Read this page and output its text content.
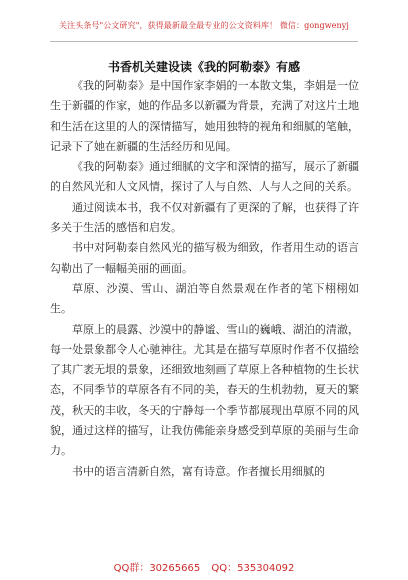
关注头条号"公文研究"，获得最新最全最专业的公文资料库！ 微信：gongwenyj
书香机关建设读《我的阿勒泰》有感

《我的阿勒泰》是中国作家李娟的一本散文集，李娟是一位生于新疆的作家，她的作品多以新疆为背景，充满了对这片土地和生活在这里的人的深情描写，她用独特的视角和细腻的笔触，记录下了她在新疆的生活经历和见闻。

《我的阿勒泰》通过细腻的文字和深情的描写，展示了新疆的自然风光和人文风情，探讨了人与自然、人与人之间的关系。

通过阅读本书，我不仅对新疆有了更深的了解，也获得了许多关于生活的感悟和启发。

书中对阿勒泰自然风光的描写极为细致，作者用生动的语言勾勒出了一幅幅美丽的画面。

草原、沙漠、雪山、湖泊等自然景观在作者的笔下栩栩如生。

草原上的晨露、沙漠中的静谧、雪山的巍峨、湖泊的清澈，每一处景象都令人心驰神往。尤其是在描写草原时作者不仅描绘了其广袤无垠的景象，还细致地刻画了草原上各种植物的生长状态，不同季节的草原各有不同的美，春天的生机勃勃，夏天的繁茂，秋天的丰收，冬天的宁静每一个季节都展现出草原不同的风貌，通过这样的描写，让我仿佛能亲身感受到草原的美丽与生命力。

书中的语言清新自然，富有诗意。作者擅长用细腻的

QQ群：30265665 QQ：535304092
